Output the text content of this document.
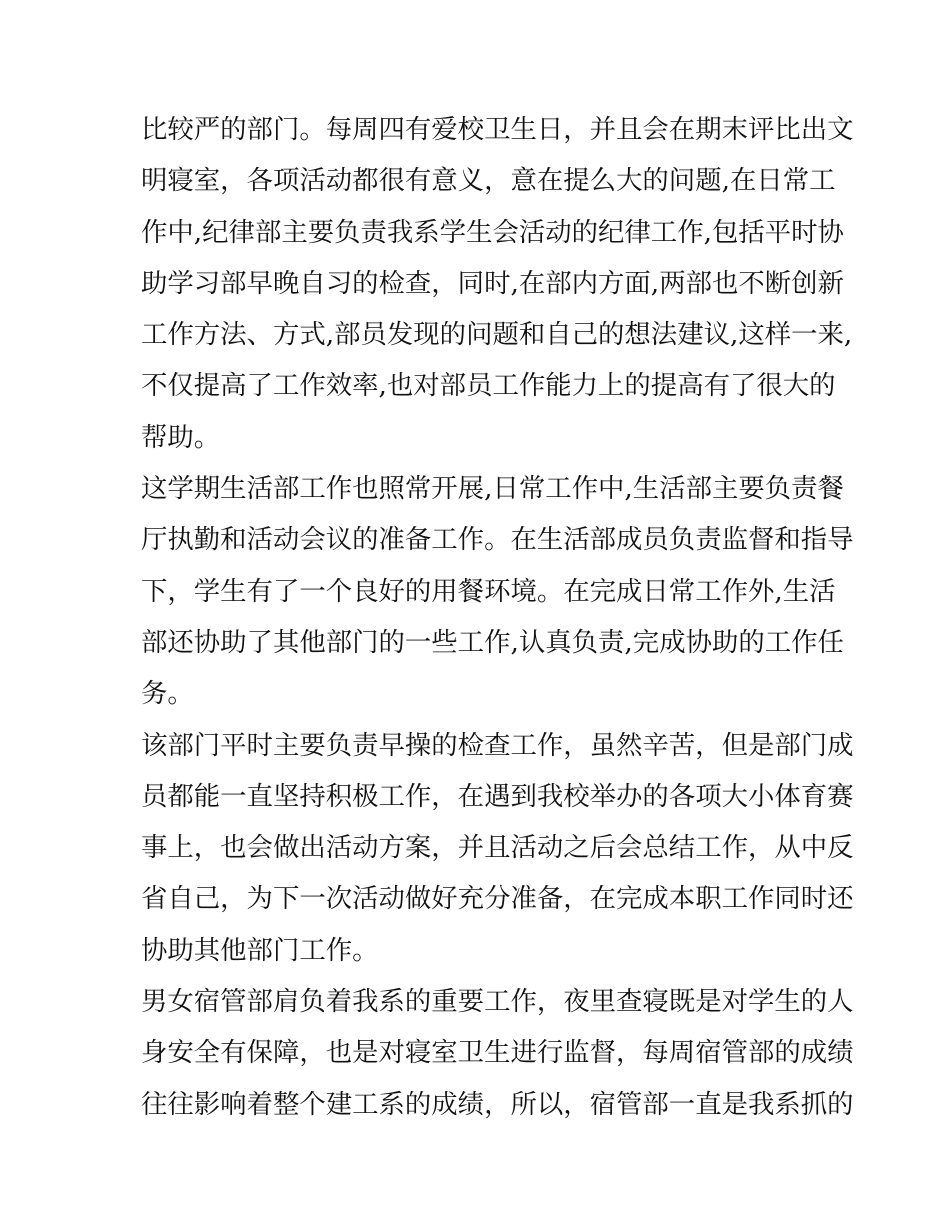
比较严的部门。每周四有爱校卫生日，并且会在期末评比出文
明寝室，各项活动都很有意义，意在提么大的问题,在日常工
作中,纪律部主要负责我系学生会活动的纪律工作,包括平时协
助学习部早晚自习的检查，同时,在部内方面,两部也不断创新
工作方法、方式,部员发现的问题和自己的想法建议,这样一来,
不仅提高了工作效率,也对部员工作能力上的提高有了很大的
帮助。
这学期生活部工作也照常开展,日常工作中,生活部主要负责餐
厅执勤和活动会议的准备工作。在生活部成员负责监督和指导
下，学生有了一个良好的用餐环境。在完成日常工作外,生活
部还协助了其他部门的一些工作,认真负责,完成协助的工作任
务。
该部门平时主要负责早操的检查工作，虽然辛苦，但是部门成
员都能一直坚持积极工作，在遇到我校举办的各项大小体育赛
事上，也会做出活动方案，并且活动之后会总结工作，从中反
省自己，为下一次活动做好充分准备，在完成本职工作同时还
协助其他部门工作。
男女宿管部肩负着我系的重要工作，夜里查寝既是对学生的人
身安全有保障，也是对寝室卫生进行监督，每周宿管部的成绩
往往影响着整个建工系的成绩，所以，宿管部一直是我系抓的
